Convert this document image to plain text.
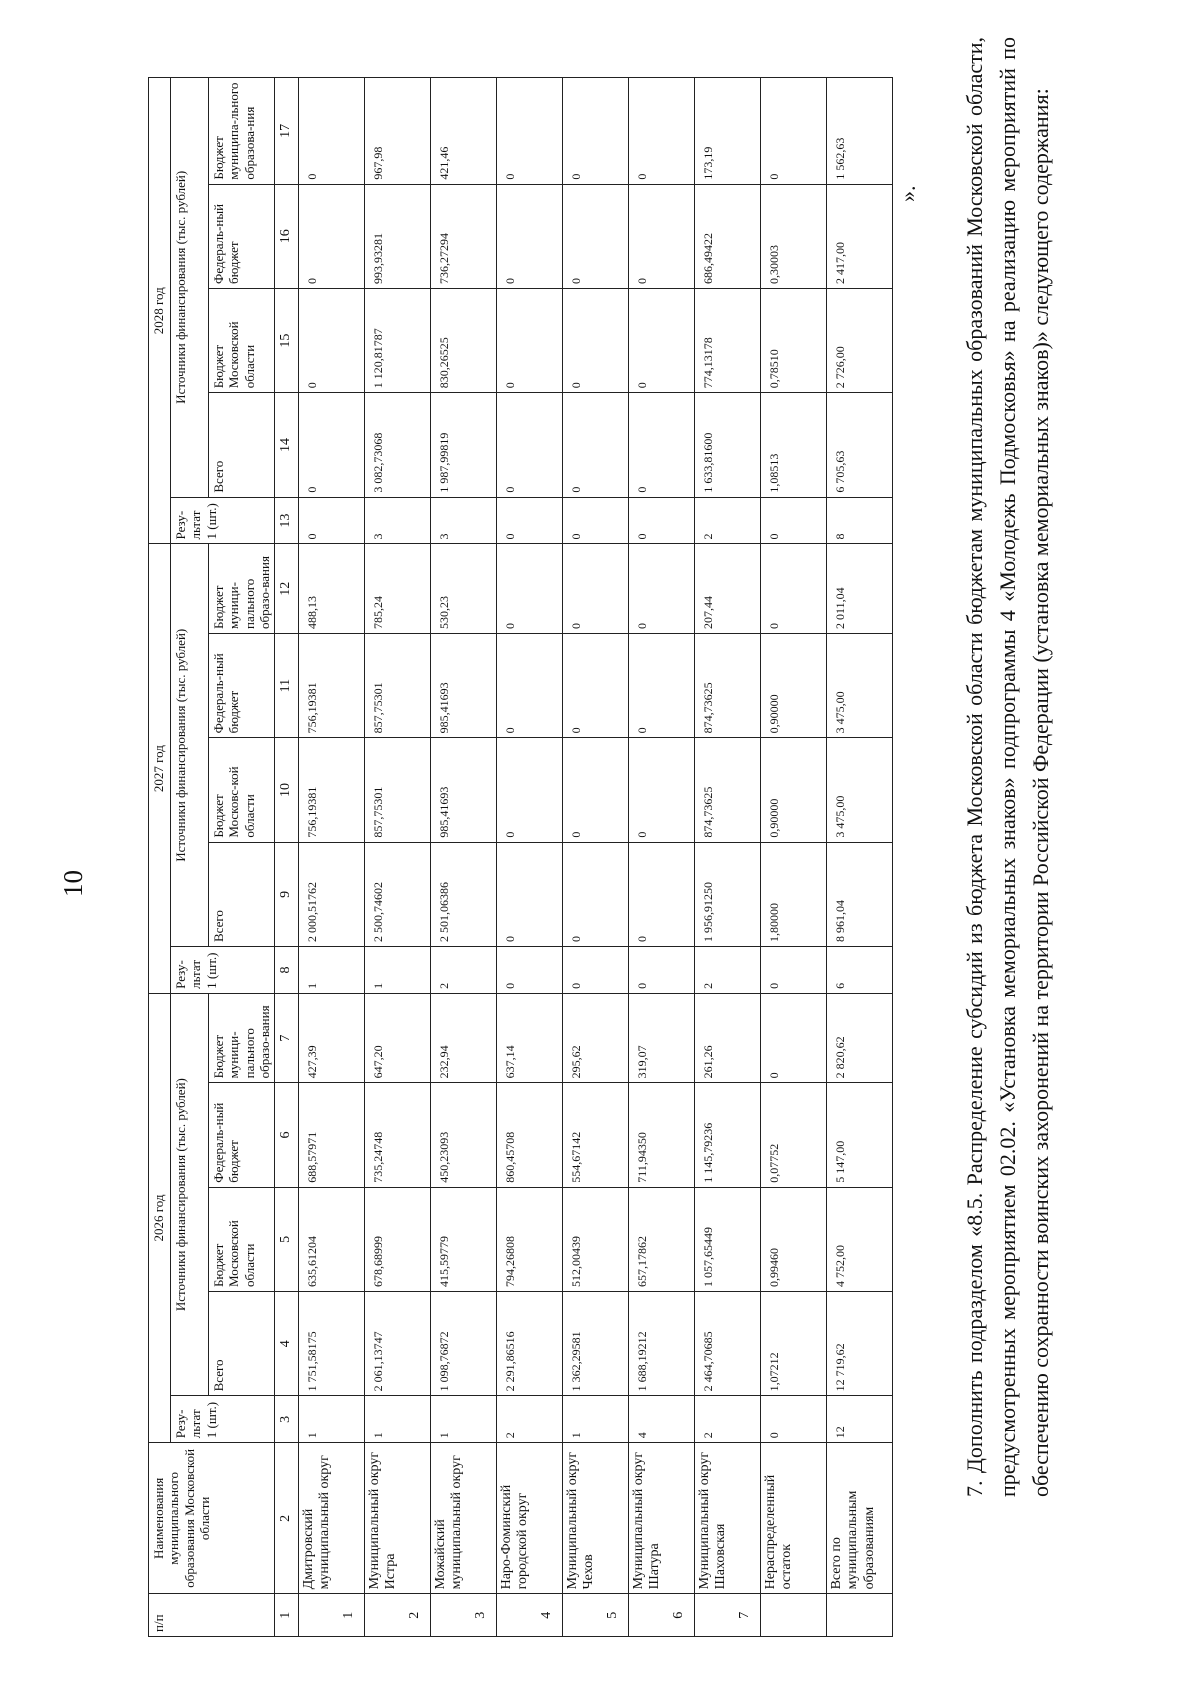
10
п/п	Наименования муниципального образования Московской области	2026 год					2027 год					2028 год				
		Резу-льтат 1 (шт.)	Источники финансирования (тыс. рублей)				Резу-льтат 1 (шт.)	Источники финансирования (тыс. рублей)				Резу-льтат 1 (шт.)	Источники финансирования (тыс. рублей)			
			Всего	Бюджет Московской области	Федераль-ный бюджет	Бюджет муници-пального образо-вания		Всего	Бюджет Московс-кой области	Федераль-ный бюджет	Бюджет муници-пального образо-вания		Всего	Бюджет Московской области	Федераль-ный бюджет	Бюджет муниципа-льного образова-ния

1	2	3	4	5	6	7	8	9	10	11	12	13	14	15	16	17
1	Дмитровский муниципальный округ	1	1 751,58175	635,61204	688,57971	427,39	1	2 000,51762	756,19381	756,19381	488,13	0	0	0	0	0
2	Муниципальный округ Истра	1	2 061,13747	678,68999	735,24748	647,20	1	2 500,74602	857,75301	857,75301	785,24	3	3 082,73068	1 120,81787	993,93281	967,98
3	Можайский муниципальный округ	1	1 098,76872	415,59779	450,23093	232,94	2	2 501,06386	985,41693	985,41693	530,23	3	1 987,99819	830,26525	736,27294	421,46
4	Наро-Фоминский городской округ	2	2 291,86516	794,26808	860,45708	637,14	0	0	0	0	0	0	0	0	0	0
5	Муниципальный округ Чехов	1	1 362,29581	512,00439	554,67142	295,62	0	0	0	0	0	0	0	0	0	0
6	Муниципальный округ Шатура	4	1 688,19212	657,17862	711,94350	319,07	0	0	0	0	0	0	0	0	0	0
7	Муниципальный округ Шаховская	2	2 464,70685	1 057,65449	1 145,79236	261,26	2	1 956,91250	874,73625	874,73625	207,44	2	1 633,81600	774,13178	686,49422	173,19
	Нераспределенный остаток	0	1,07212	0,99460	0,07752	0	0	1,80000	0,90000	0,90000	0	0	1,08513	0,78510	0,30003	0
	Всего по муниципальным образованиям	12	12 719,62	4 752,00	5 147,00	2 820,62	6	8 961,04	3 475,00	3 475,00	2 011,04	8	6 705,63	2 726,00	2 417,00	1 562,63
». 7. Дополнить подразделом «8.5. Распределение субсидий из бюджета Московской области бюджетам муниципальных образований Московской области, предусмотренных мероприятием 02.02. «Установка мемориальных знаков» подпрограммы 4 «Молодежь Подмосковья» на реализацию мероприятий по обеспечению сохранности воинских захоронений на территории Российской Федерации (установка мемориальных знаков)» следующего содержания:
